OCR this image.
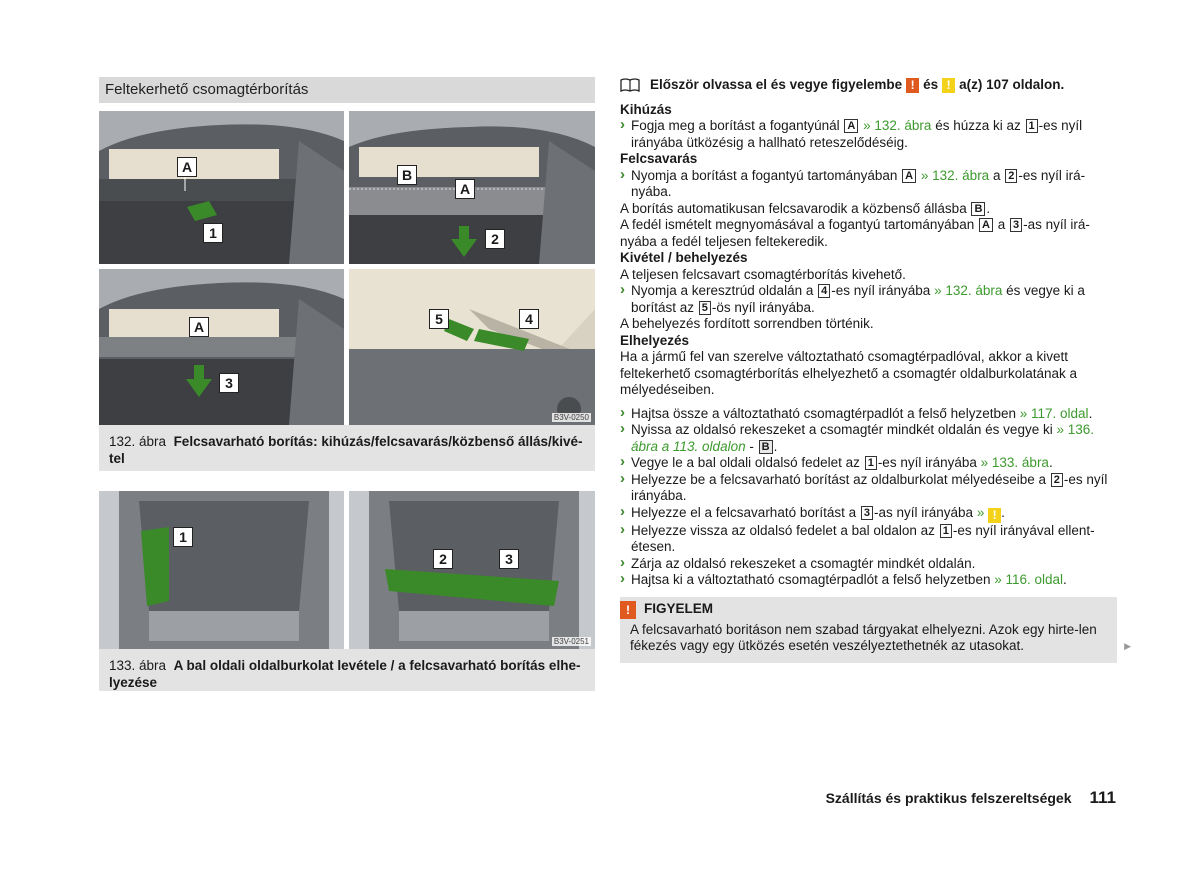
Feltekerhető csomagtérborítás
A
1
B
A
2
A
3
5	4
B3V-0250
132. ábra Felcsavarható borítás: kihúzás/felcsavarás/közbenső állás/kivé-tel
1
2	3
B3V-0251
133. ábra A bal oldali oldalburkolat levétele / a felcsavarható borítás elhe-lyezése
Először olvassa el és vegye figyelembe ! és ! a(z) 107 oldalon.

Kihúzás

› Fogja meg a borítást a fogantyúnál A » 132. ábra és húzza ki az 1 -es nyíl irányába ütközésig a hallható reteszelődéséig.

Felcsavarás

› Nyomja a borítást a fogantyú tartományában A » 132. ábra a 2 -es nyíl irá-nyába.

A borítás automatikusan felcsavarodik a közbenső állásba B .

A fedél ismételt megnyomásával a fogantyú tartományában A a 3 -as nyíl irá-nyába a fedél teljesen feltekeredik.

Kivétel / behelyezés

A teljesen felcsavart csomagtérborítás kivehető.

› Nyomja a keresztrúd oldalán a 4 -es nyíl irányába » 132. ábra és vegye ki a borítást az 5 -ös nyíl irányába.

A behelyezés fordított sorrendben történik.

Elhelyezés

Ha a jármű fel van szerelve változtatható csomagtérpadlóval, akkor a kivett feltekerhető csomagtérborítás elhelyezhető a csomagtér oldalburkolatának a mélyedéseiben.

› Hajtsa össze a változtatható csomagtérpadlót a felső helyzetben » 117. oldal.

› Nyissa az oldalsó rekeszeket a csomagtér mindkét oldalán és vegye ki » 136. ábra a 113. oldalon - B .

› Vegye le a bal oldali oldalsó fedelet az 1 -es nyíl irányába » 133. ábra.

› Helyezze be a felcsavarható borítást az oldalburkolat mélyedéseibe a 2 -es nyíl irányába.

› Helyezze el a felcsavarható borítást a 3 -as nyíl irányába » ! .

› Helyezze vissza az oldalsó fedelet a bal oldalon az 1 -es nyíl irányával ellent-étesen.

› Zárja az oldalsó rekeszeket a csomagtér mindkét oldalán.

› Hajtsa ki a változtatható csomagtérpadlót a felső helyzetben » 116. oldal.

!	FIGYELEM

A felcsavarható boritáson nem szabad tárgyakat elhelyezni. Azok egy hirte-len fékezés vagy egy ütközés esetén veszélyeztethetnék az utasokat.	▶
Szállítás és praktikus felszereltségek 111
